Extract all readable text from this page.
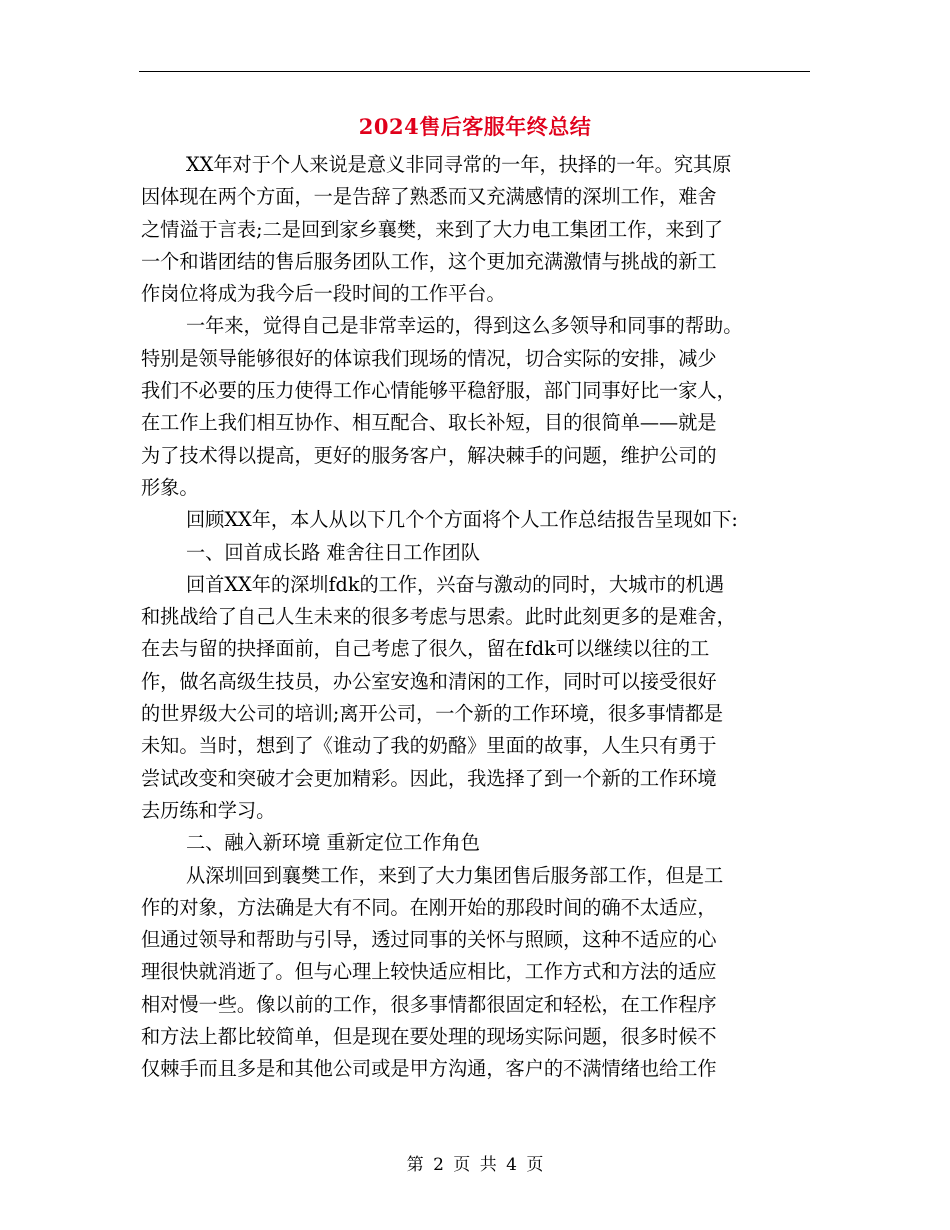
2024售后客服年终总结
XX年对于个人来说是意义非同寻常的一年，抉择的一年。究其原
因体现在两个方面，一是告辞了熟悉而又充满感情的深圳工作，难舍
之情溢于言表;二是回到家乡襄樊，来到了大力电工集团工作，来到了
一个和谐团结的售后服务团队工作，这个更加充满激情与挑战的新工
作岗位将成为我今后一段时间的工作平台。
一年来，觉得自己是非常幸运的，得到这么多领导和同事的帮助。
特别是领导能够很好的体谅我们现场的情况，切合实际的安排，减少
我们不必要的压力使得工作心情能够平稳舒服，部门同事好比一家人，
在工作上我们相互协作、相互配合、取长补短，目的很简单——就是
为了技术得以提高，更好的服务客户，解决棘手的问题，维护公司的
形象。
回顾XX年，本人从以下几个个方面将个人工作总结报告呈现如下:
一、回首成长路 难舍往日工作团队
回首XX年的深圳fdk的工作，兴奋与激动的同时，大城市的机遇
和挑战给了自己人生未来的很多考虑与思索。此时此刻更多的是难舍，
在去与留的抉择面前，自己考虑了很久，留在fdk可以继续以往的工
作，做名高级生技员，办公室安逸和清闲的工作，同时可以接受很好
的世界级大公司的培训;离开公司，一个新的工作环境，很多事情都是
未知。当时，想到了《谁动了我的奶酪》里面的故事，人生只有勇于
尝试改变和突破才会更加精彩。因此，我选择了到一个新的工作环境
去历练和学习。
二、融入新环境 重新定位工作角色
从深圳回到襄樊工作，来到了大力集团售后服务部工作，但是工
作的对象，方法确是大有不同。在刚开始的那段时间的确不太适应，
但通过领导和帮助与引导，透过同事的关怀与照顾，这种不适应的心
理很快就消逝了。但与心理上较快适应相比，工作方式和方法的适应
相对慢一些。像以前的工作，很多事情都很固定和轻松，在工作程序
和方法上都比较简单，但是现在要处理的现场实际问题，很多时候不
仅棘手而且多是和其他公司或是甲方沟通，客户的不满情绪也给工作
第 2 页 共 4 页
